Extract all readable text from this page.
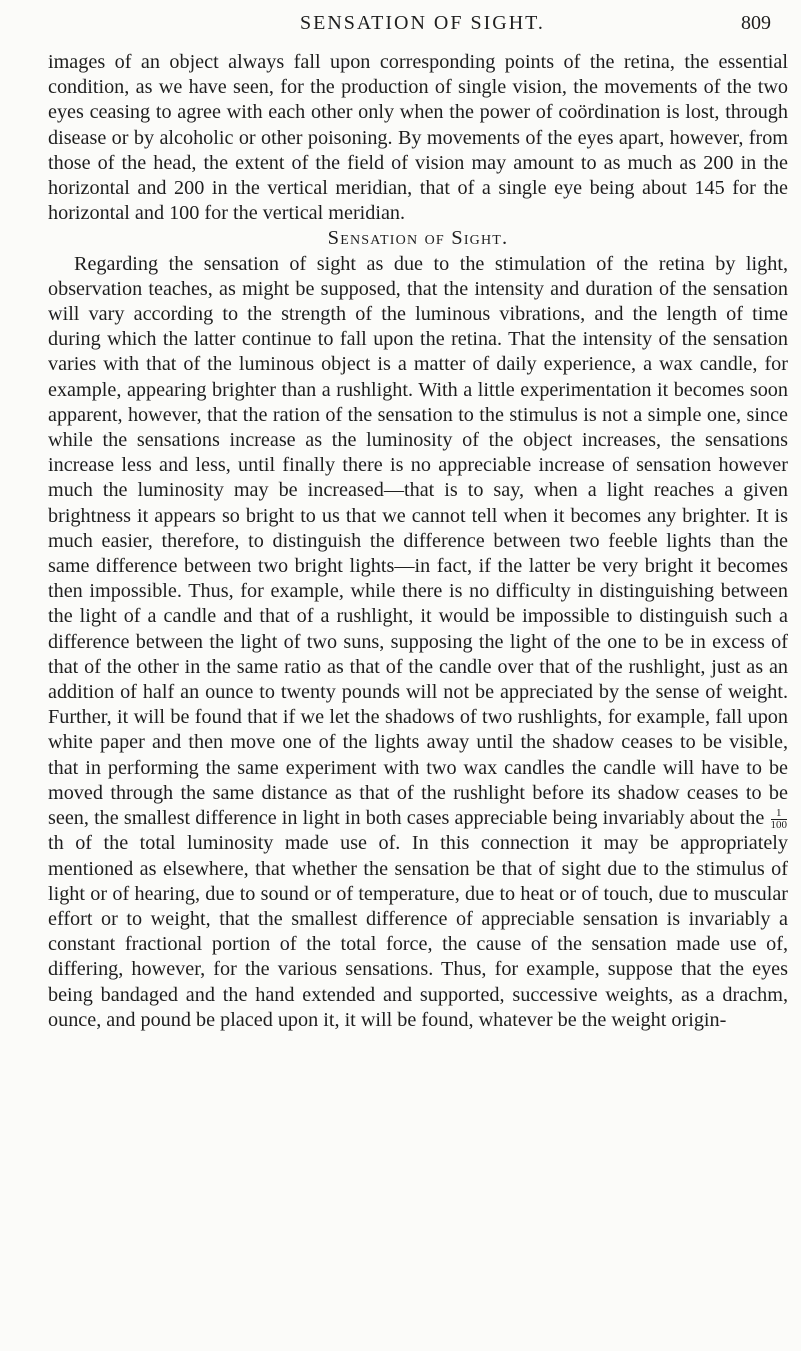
SENSATION OF SIGHT.	809

images of an object always fall upon corresponding points of the retina, the essential condition, as we have seen, for the production of single vision, the movements of the two eyes ceasing to agree with each other only when the power of coördination is lost, through disease or by alcoholic or other poisoning. By movements of the eyes apart, however, from those of the head, the extent of the field of vision may amount to as much as 200 in the horizontal and 200 in the vertical meridian, that of a single eye being about 145 for the horizontal and 100 for the vertical meridian.

Sensation of Sight.

Regarding the sensation of sight as due to the stimulation of the retina by light, observation teaches, as might be supposed, that the intensity and duration of the sensation will vary according to the strength of the luminous vibrations, and the length of time during which the latter continue to fall upon the retina. That the intensity of the sensation varies with that of the luminous object is a matter of daily experience, a wax candle, for example, appearing brighter than a rushlight. With a little experimentation it becomes soon apparent, however, that the ration of the sensation to the stimulus is not a simple one, since while the sensations increase as the luminosity of the object increases, the sensations increase less and less, until finally there is no appreciable increase of sensation however much the luminosity may be increased—that is to say, when a light reaches a given brightness it appears so bright to us that we cannot tell when it becomes any brighter. It is much easier, therefore, to distinguish the difference between two feeble lights than the same difference between two bright lights—in fact, if the latter be very bright it becomes then impossible. Thus, for example, while there is no difficulty in distinguishing between the light of a candle and that of a rushlight, it would be impossible to distinguish such a difference between the light of two suns, supposing the light of the one to be in excess of that of the other in the same ratio as that of the candle over that of the rushlight, just as an addition of half an ounce to twenty pounds will not be appreciated by the sense of weight. Further, it will be found that if we let the shadows of two rushlights, for example, fall upon white paper and then move one of the lights away until the shadow ceases to be visible, that in performing the same experiment with two wax candles the candle will have to be moved through the same distance as that of the rushlight before its shadow ceases to be seen, the smallest difference in light in both cases appreciable being invariably about the $\frac{1}{100}$
th of the total luminosity made use of. In this connection it may be appropriately mentioned as elsewhere, that whether the sensation be that of sight due to the stimulus of light or of hearing, due to sound or of temperature, due to heat or of touch, due to muscular effort or to weight, that the smallest difference of appreciable sensation is invariably a constant fractional portion of the total force, the cause of the sensation made use of, differing, however, for the various sensations. Thus, for example, suppose that the eyes being bandaged and the hand extended and supported, successive weights, as a drachm, ounce, and pound be placed upon it, it will be found, whatever be the weight origin-
